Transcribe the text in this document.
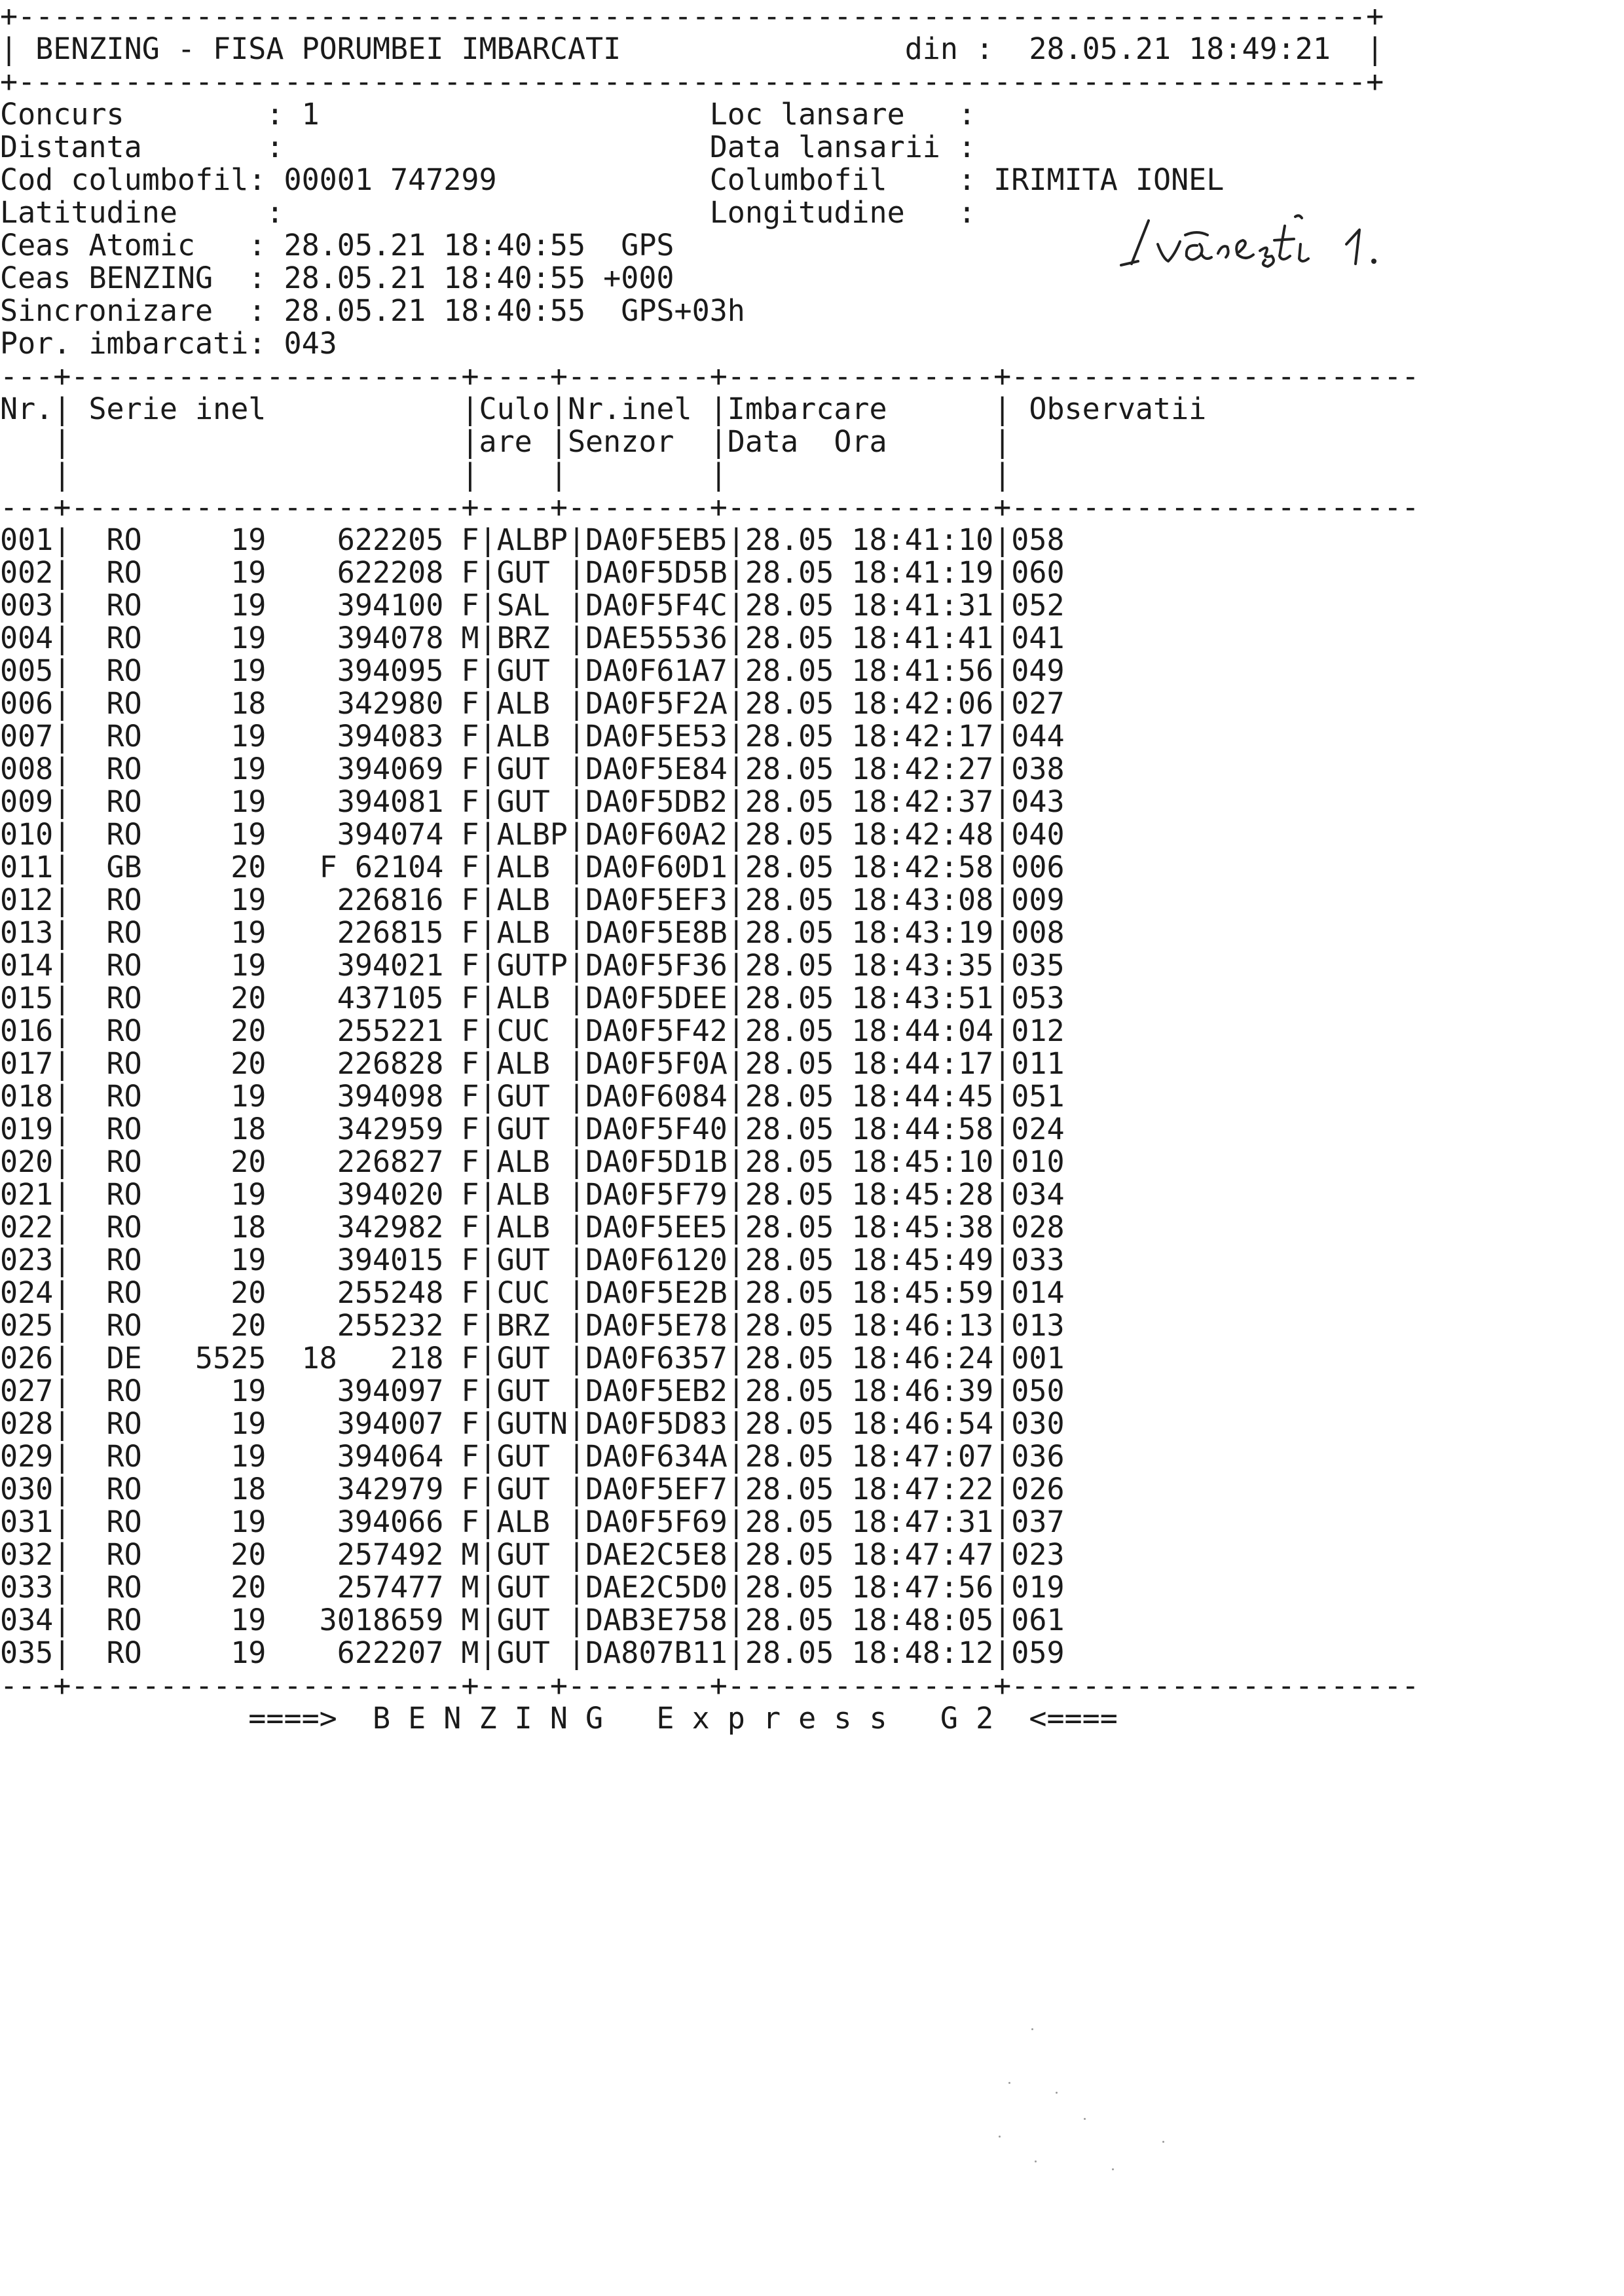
+----------------------------------------------------------------------------+
| BENZING - FISA PORUMBEI IMBARCATI                din :  28.05.21 18:49:21  |
+----------------------------------------------------------------------------+
Concurs        : 1                      Loc lansare   :
Distanta       :                        Data lansarii :
Cod columbofil: 00001 747299            Columbofil    : IRIMITA IONEL
Latitudine     :                        Longitudine   :
Ceas Atomic   : 28.05.21 18:40:55  GPS
Ceas BENZING  : 28.05.21 18:40:55 +000
Sincronizare  : 28.05.21 18:40:55  GPS+03h
Por. imbarcati: 043
---+----------------------+----+--------+---------------+-----------------------
Nr.| Serie inel           |Culo|Nr.inel |Imbarcare      | Observatii
|                      |are |Senzor  |Data  Ora      |
|                      |    |        |               |
---+----------------------+----+--------+---------------+-----------------------
001|  RO     19    622205 F|ALBP|DA0F5EB5|28.05 18:41:10|058
002|  RO     19    622208 F|GUT |DA0F5D5B|28.05 18:41:19|060
003|  RO     19    394100 F|SAL |DA0F5F4C|28.05 18:41:31|052
004|  RO     19    394078 M|BRZ |DAE55536|28.05 18:41:41|041
005|  RO     19    394095 F|GUT |DA0F61A7|28.05 18:41:56|049
006|  RO     18    342980 F|ALB |DA0F5F2A|28.05 18:42:06|027
007|  RO     19    394083 F|ALB |DA0F5E53|28.05 18:42:17|044
008|  RO     19    394069 F|GUT |DA0F5E84|28.05 18:42:27|038
009|  RO     19    394081 F|GUT |DA0F5DB2|28.05 18:42:37|043
010|  RO     19    394074 F|ALBP|DA0F60A2|28.05 18:42:48|040
011|  GB     20   F 62104 F|ALB |DA0F60D1|28.05 18:42:58|006
012|  RO     19    226816 F|ALB |DA0F5EF3|28.05 18:43:08|009
013|  RO     19    226815 F|ALB |DA0F5E8B|28.05 18:43:19|008
014|  RO     19    394021 F|GUTP|DA0F5F36|28.05 18:43:35|035
015|  RO     20    437105 F|ALB |DA0F5DEE|28.05 18:43:51|053
016|  RO     20    255221 F|CUC |DA0F5F42|28.05 18:44:04|012
017|  RO     20    226828 F|ALB |DA0F5F0A|28.05 18:44:17|011
018|  RO     19    394098 F|GUT |DA0F6084|28.05 18:44:45|051
019|  RO     18    342959 F|GUT |DA0F5F40|28.05 18:44:58|024
020|  RO     20    226827 F|ALB |DA0F5D1B|28.05 18:45:10|010
021|  RO     19    394020 F|ALB |DA0F5F79|28.05 18:45:28|034
022|  RO     18    342982 F|ALB |DA0F5EE5|28.05 18:45:38|028
023|  RO     19    394015 F|GUT |DA0F6120|28.05 18:45:49|033
024|  RO     20    255248 F|CUC |DA0F5E2B|28.05 18:45:59|014
025|  RO     20    255232 F|BRZ |DA0F5E78|28.05 18:46:13|013
026|  DE   5525  18   218 F|GUT |DA0F6357|28.05 18:46:24|001
027|  RO     19    394097 F|GUT |DA0F5EB2|28.05 18:46:39|050
028|  RO     19    394007 F|GUTN|DA0F5D83|28.05 18:46:54|030
029|  RO     19    394064 F|GUT |DA0F634A|28.05 18:47:07|036
030|  RO     18    342979 F|GUT |DA0F5EF7|28.05 18:47:22|026
031|  RO     19    394066 F|ALB |DA0F5F69|28.05 18:47:31|037
032|  RO     20    257492 M|GUT |DAE2C5E8|28.05 18:47:47|023
033|  RO     20    257477 M|GUT |DAE2C5D0|28.05 18:47:56|019
034|  RO     19   3018659 M|GUT |DAB3E758|28.05 18:48:05|061
035|  RO     19    622207 M|GUT |DA807B11|28.05 18:48:12|059
---+----------------------+----+--------+---------------+-----------------------
====>  B E N Z I N G   E x p r e s s   G 2  <====
